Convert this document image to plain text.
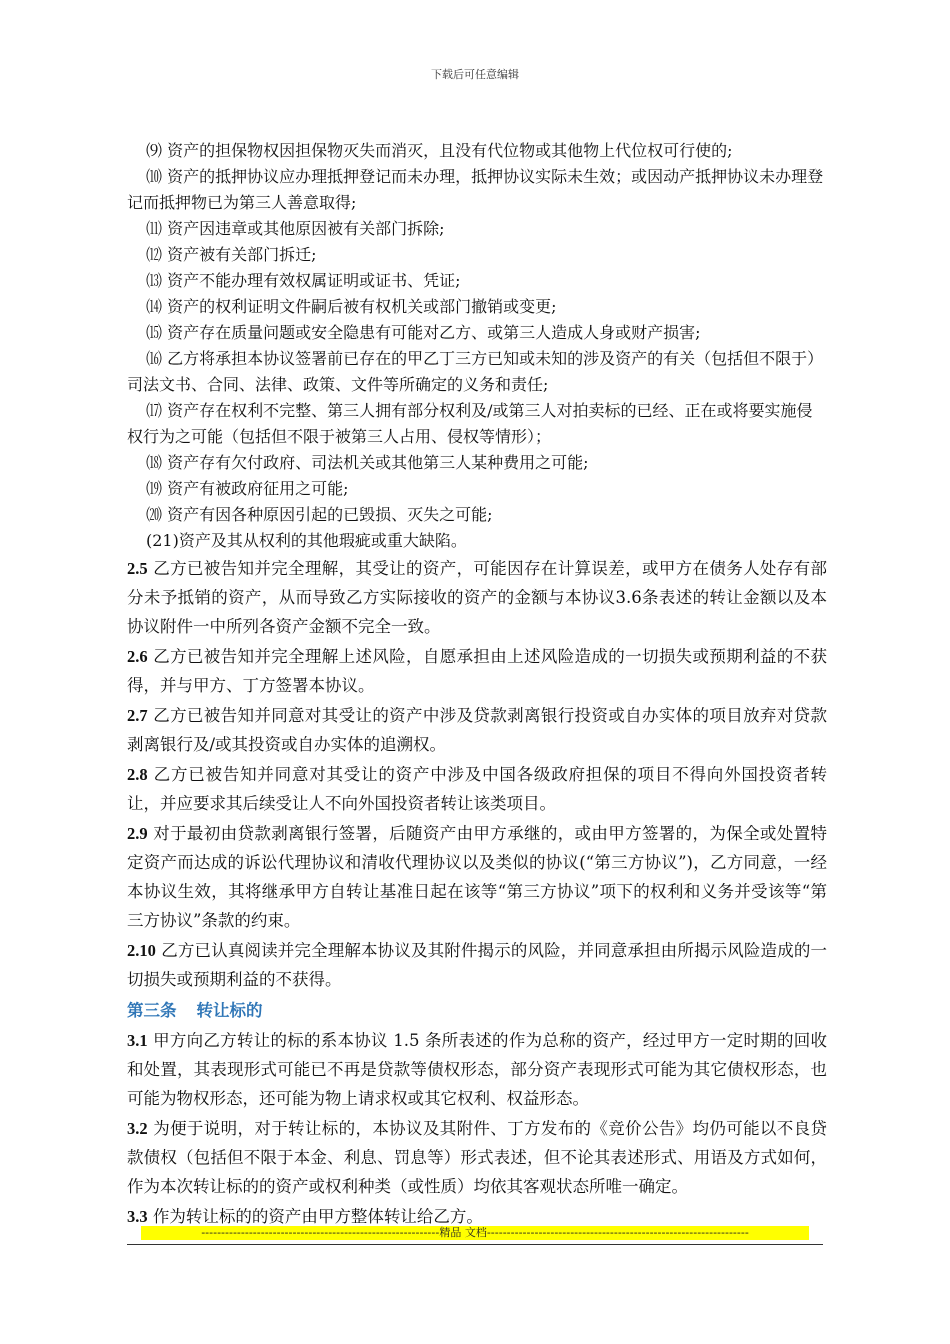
下载后可任意编辑

⑼ 资产的担保物权因担保物灭失而消灭，且没有代位物或其他物上代位权可行使的;

⑽ 资产的抵押协议应办理抵押登记而未办理，抵押协议实际未生效；或因动产抵押协议未办理登记而抵押物已为第三人善意取得;

⑾ 资产因违章或其他原因被有关部门拆除;

⑿ 资产被有关部门拆迁;

⒀ 资产不能办理有效权属证明或证书、凭证;

⒁ 资产的权利证明文件嗣后被有权机关或部门撤销或变更;

⒂ 资产存在质量问题或安全隐患有可能对乙方、或第三人造成人身或财产损害;

⒃ 乙方将承担本协议签署前已存在的甲乙丁三方已知或未知的涉及资产的有关（包括但不限于）司法文书、合同、法律、政策、文件等所确定的义务和责任;

⒄ 资产存在权利不完整、第三人拥有部分权利及/或第三人对拍卖标的已经、正在或将要实施侵权行为之可能（包括但不限于被第三人占用、侵权等情形）；

⒅ 资产存有欠付政府、司法机关或其他第三人某种费用之可能;

⒆ 资产有被政府征用之可能;

⒇ 资产有因各种原因引起的已毁损、灭失之可能;

(21)资产及其从权利的其他瑕疵或重大缺陷。

2.5 乙方已被告知并完全理解，其受让的资产，可能因存在计算误差，或甲方在债务人处存有部分未予抵销的资产，从而导致乙方实际接收的资产的金额与本协议3.6条表述的转让金额以及本协议附件一中所列各资产金额不完全一致。

2.6 乙方已被告知并完全理解上述风险，自愿承担由上述风险造成的一切损失或预期利益的不获得，并与甲方、丁方签署本协议。

2.7 乙方已被告知并同意对其受让的资产中涉及贷款剥离银行投资或自办实体的项目放弃对贷款剥离银行及/或其投资或自办实体的追溯权。

2.8 乙方已被告知并同意对其受让的资产中涉及中国各级政府担保的项目不得向外国投资者转让，并应要求其后续受让人不向外国投资者转让该类项目。

2.9 对于最初由贷款剥离银行签署，后随资产由甲方承继的，或由甲方签署的，为保全或处置特定资产而达成的诉讼代理协议和清收代理协议以及类似的协议(“第三方协议”)，乙方同意，一经本协议生效，其将继承甲方自转让基准日起在该等“第三方协议”项下的权利和义务并受该等“第三方协议”条款的约束。

2.10 乙方已认真阅读并完全理解本协议及其附件揭示的风险，并同意承担由所揭示风险造成的一切损失或预期利益的不获得。

第三条 转让标的

3.1 甲方向乙方转让的标的系本协议 1.5 条所表述的作为总称的资产，经过甲方一定时期的回收和处置，其表现形式可能已不再是贷款等债权形态，部分资产表现形式可能为其它债权形态，也可能为物权形态，还可能为物上请求权或其它权利、权益形态。

3.2 为便于说明，对于转让标的，本协议及其附件、丁方发布的《竞价公告》均仍可能以不良贷款债权（包括但不限于本金、利息、罚息等）形式表述，但不论其表述形式、用语及方式如何，作为本次转让标的的资产或权利种类（或性质）均依其客观状态所唯一确定。

3.3 作为转让标的的资产由甲方整体转让给乙方。

------------------------------------------------------------精品 文档------------------------------------------------------------------
